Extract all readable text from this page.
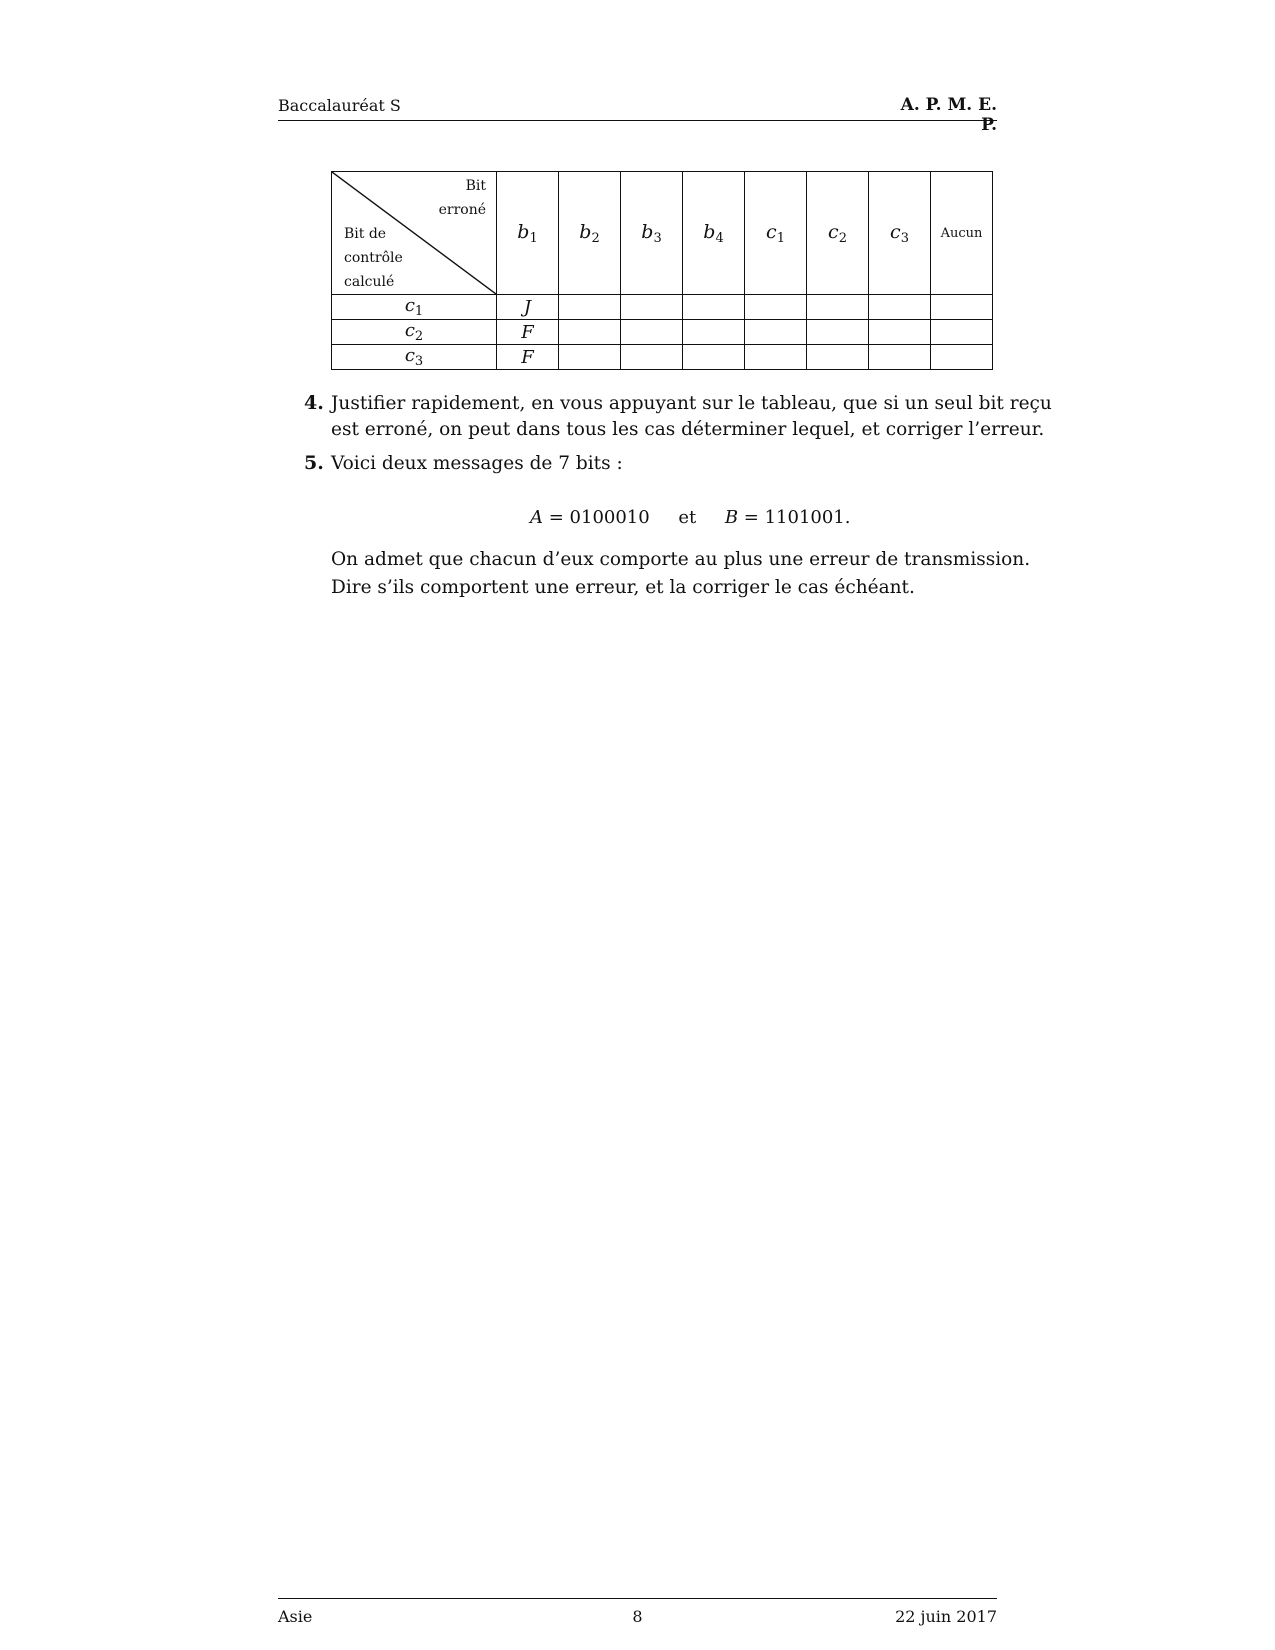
Baccalauréat S	A. P. M. E. P.
Bit
erroné
Bit de
contrôle
calculé	$b_1$	$b_2$	$b_3$	$b_4$	$c_1$	$c_2$	$c_3$	Aucun
$c_1$	J							
$c_2$	F							
$c_3$	F							
4. Justifier rapidement, en vous appuyant sur le tableau, que si un seul bit reçu
est erroné, on peut dans tous les cas déterminer lequel, et corriger l’erreur.
5. Voici deux messages de 7 bits :
A = 0100010 et B = 1101001.
On admet que chacun d’eux comporte au plus une erreur de transmission.
Dire s’ils comportent une erreur, et la corriger le cas échéant.
Asie	8	22 juin 2017
